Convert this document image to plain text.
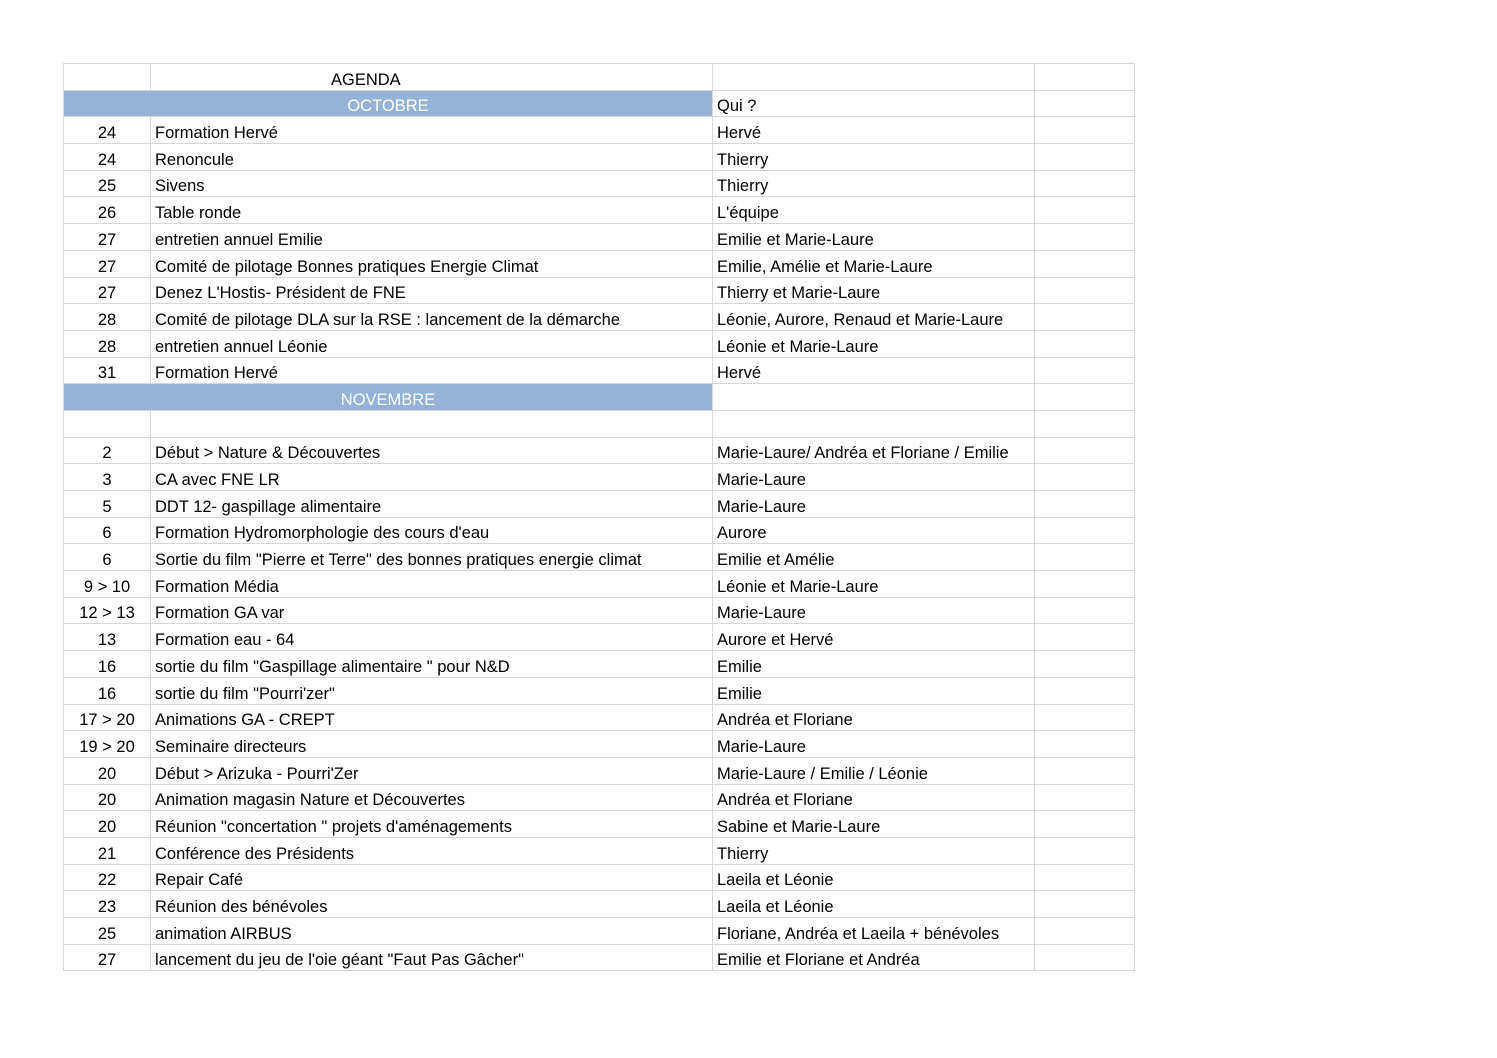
	AGENDA		
OCTOBRE		Qui ?	
24	Formation Hervé	Hervé	
24	Renoncule	Thierry	
25	Sivens	Thierry	
26	Table ronde	L'équipe	
27	entretien annuel Emilie	Emilie et Marie-Laure	
27	Comité de pilotage Bonnes pratiques Energie Climat	Emilie, Amélie et Marie-Laure	
27	Denez L'Hostis- Président de FNE	Thierry et Marie-Laure	
28	Comité de pilotage DLA sur la RSE : lancement de la démarche	Léonie, Aurore, Renaud et Marie-Laure	
28	entretien annuel Léonie	Léonie et Marie-Laure	
31	Formation Hervé	Hervé	
NOVEMBRE			

2	Début > Nature & Découvertes	Marie-Laure/ Andréa et Floriane / Emilie	
3	CA avec FNE LR	Marie-Laure	
5	DDT 12- gaspillage alimentaire	Marie-Laure	
6	Formation Hydromorphologie des cours d'eau	Aurore	
6	Sortie du film "Pierre et Terre" des bonnes pratiques energie climat	Emilie et Amélie	
9 > 10	Formation Média	Léonie et Marie-Laure	
12 > 13	Formation GA var	Marie-Laure	
13	Formation eau - 64	Aurore et Hervé	
16	sortie du film "Gaspillage alimentaire " pour N&D	Emilie	
16	sortie du film "Pourri'zer"	Emilie	
17 > 20	Animations GA - CREPT	Andréa et Floriane	
19 > 20	Seminaire directeurs	Marie-Laure	
20	Début > Arizuka - Pourri'Zer	Marie-Laure / Emilie / Léonie	
20	Animation magasin Nature et Découvertes	Andréa et Floriane	
20	Réunion "concertation " projets d'aménagements	Sabine et Marie-Laure	
21	Conférence des Présidents	Thierry	
22	Repair Café	Laeila et Léonie	
23	Réunion des bénévoles	Laeila et Léonie	
25	animation AIRBUS	Floriane, Andréa et Laeila + bénévoles	
27	lancement du jeu de l'oie géant "Faut Pas Gâcher"	Emilie et Floriane et Andréa	
